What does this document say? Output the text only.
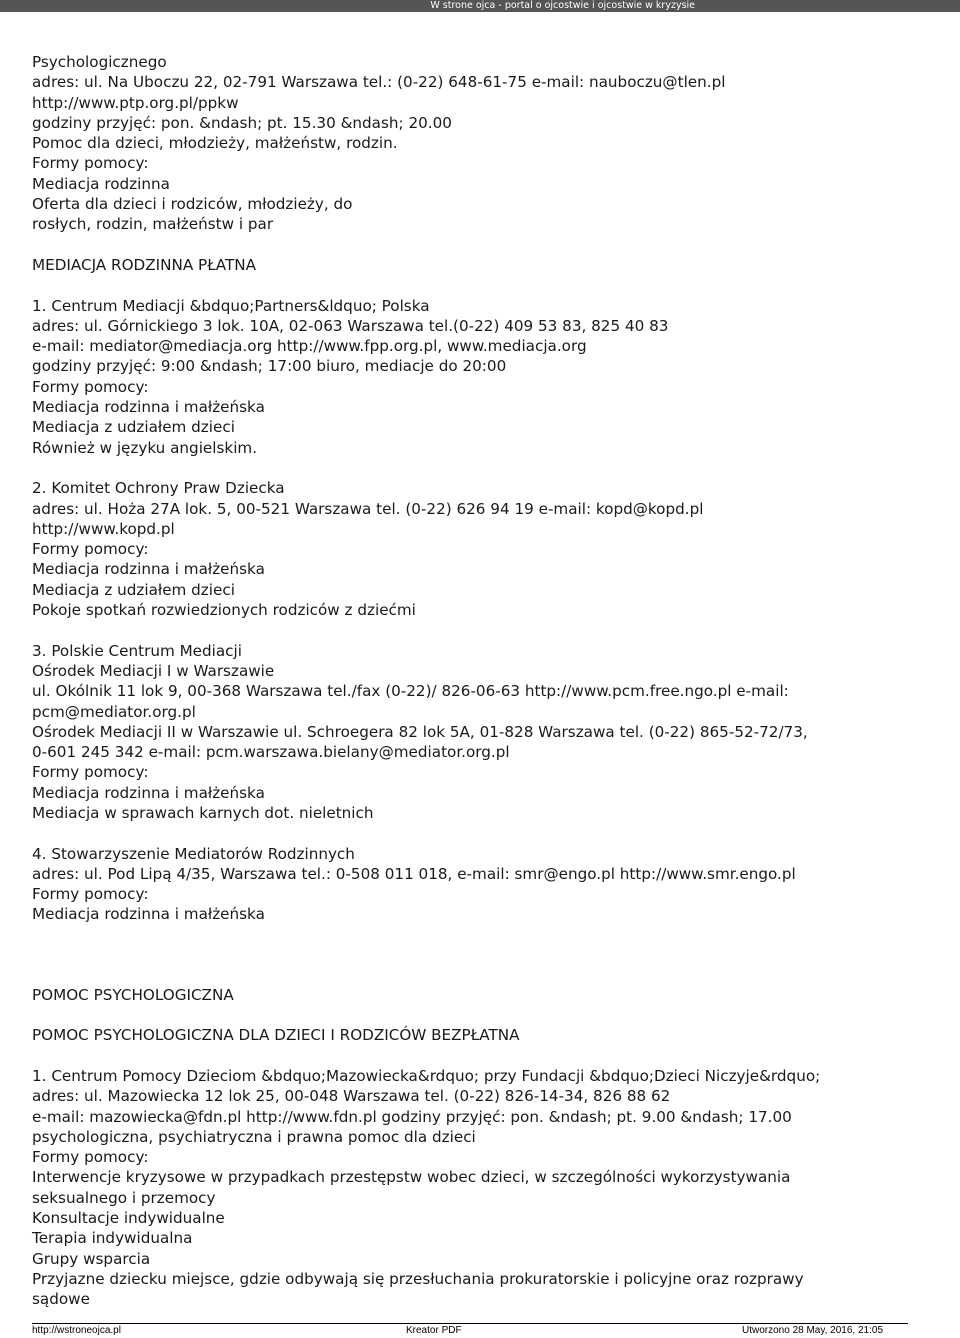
W strone ojca - portal o ojcostwie i ojcostwie w kryzysie
Psychologicznego
adres: ul. Na Uboczu 22, 02-791 Warszawa tel.: (0-22) 648-61-75 e-mail: nauboczu@tlen.pl
http://www.ptp.org.pl/ppkw
godziny przyjęć: pon. &ndash; pt. 15.30 &ndash; 20.00
Pomoc dla dzieci, młodzieży, małżeństw, rodzin.
Formy pomocy:
Mediacja rodzinna
Oferta dla dzieci i rodziców, młodzieży, do
rosłych, rodzin, małżeństw i par
MEDIACJA RODZINNA PŁATNA
1. Centrum Mediacji &bdquo;Partners&ldquo; Polska
adres: ul. Górnickiego 3 lok. 10A, 02-063 Warszawa tel.(0-22) 409 53 83, 825 40 83
e-mail: mediator@mediacja.org http://www.fpp.org.pl, www.mediacja.org
godziny przyjęć: 9:00 &ndash; 17:00 biuro, mediacje do 20:00
Formy pomocy:
Mediacja rodzinna i małżeńska
Mediacja z udziałem dzieci
Również w języku angielskim.
2. Komitet Ochrony Praw Dziecka
adres: ul. Hoża 27A lok. 5, 00-521 Warszawa tel. (0-22) 626 94 19 e-mail: kopd@kopd.pl
http://www.kopd.pl
Formy pomocy:
Mediacja rodzinna i małżeńska
Mediacja z udziałem dzieci
Pokoje spotkań rozwiedzionych rodziców z dziećmi
3. Polskie Centrum Mediacji
Ośrodek Mediacji I w Warszawie
ul. Okólnik 11 lok 9, 00-368 Warszawa tel./fax (0-22)/ 826-06-63 http://www.pcm.free.ngo.pl e-mail:
pcm@mediator.org.pl
Ośrodek Mediacji II w Warszawie ul. Schroegera 82 lok 5A, 01-828 Warszawa tel. (0-22) 865-52-72/73,
0-601 245 342 e-mail: pcm.warszawa.bielany@mediator.org.pl
Formy pomocy:
Mediacja rodzinna i małżeńska
Mediacja w sprawach karnych dot. nieletnich
4. Stowarzyszenie Mediatorów Rodzinnych
adres: ul. Pod Lipą 4/35, Warszawa tel.: 0-508 011 018, e-mail: smr@engo.pl http://www.smr.engo.pl
Formy pomocy:
Mediacja rodzinna i małżeńska
POMOC PSYCHOLOGICZNA
POMOC PSYCHOLOGICZNA DLA DZIECI I RODZICÓW BEZPŁATNA
1. Centrum Pomocy Dzieciom &bdquo;Mazowiecka&rdquo; przy Fundacji &bdquo;Dzieci Niczyje&rdquo;
adres: ul. Mazowiecka 12 lok 25, 00-048 Warszawa tel. (0-22) 826-14-34, 826 88 62
e-mail: mazowiecka@fdn.pl http://www.fdn.pl godziny przyjęć: pon. &ndash; pt. 9.00 &ndash; 17.00
psychologiczna, psychiatryczna i prawna pomoc dla dzieci
Formy pomocy:
Interwencje kryzysowe w przypadkach przestępstw wobec dzieci, w szczególności wykorzystywania
seksualnego i przemocy
Konsultacje indywidualne
Terapia indywidualna
Grupy wsparcia
Przyjazne dziecku miejsce, gdzie odbywają się przesłuchania prokuratorskie i policyjne oraz rozprawy
sądowe
http://wstroneojca.pl	Kreator PDF	Utworzono 28 May, 2016, 21:05
